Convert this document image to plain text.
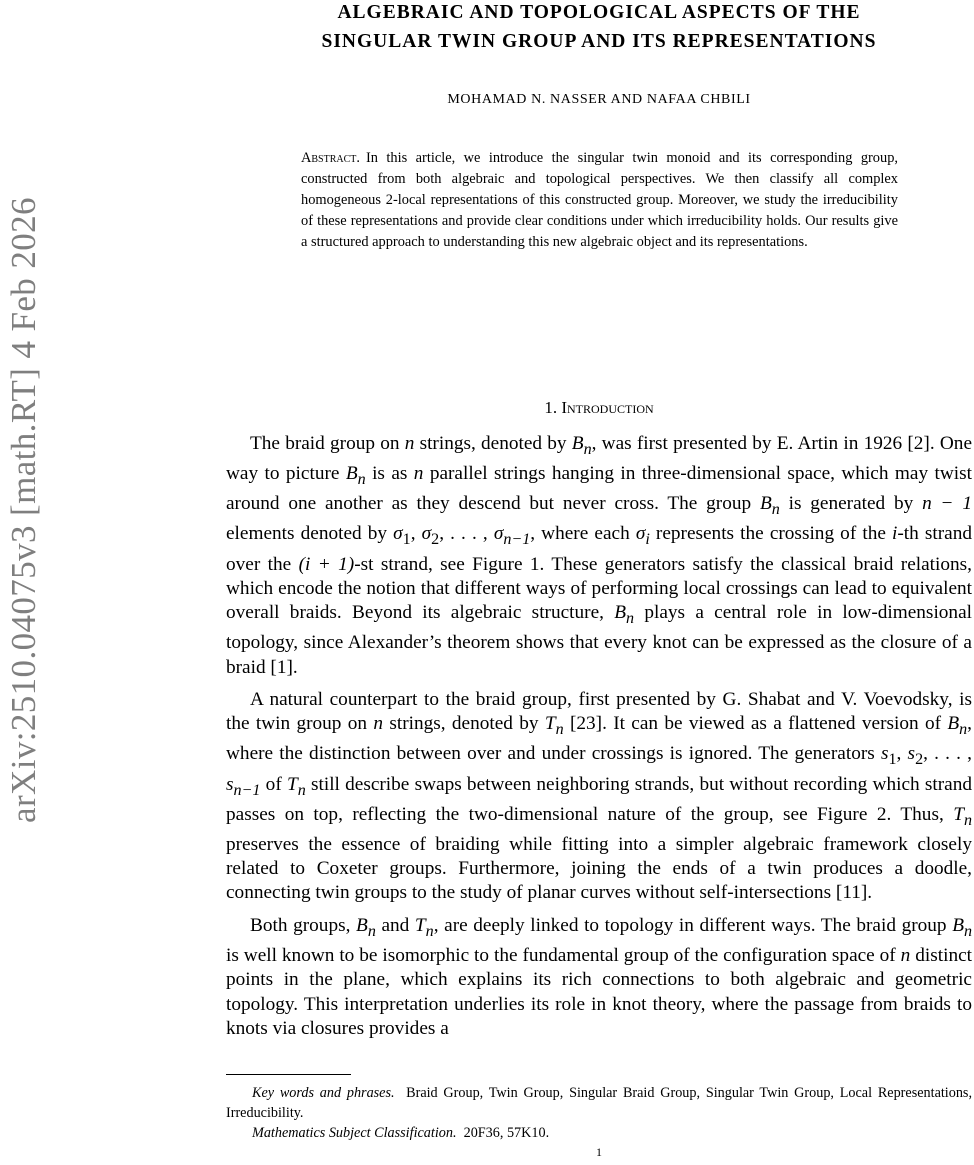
arXiv:2510.04075v3 [math.RT] 4 Feb 2026
ALGEBRAIC AND TOPOLOGICAL ASPECTS OF THE
SINGULAR TWIN GROUP AND ITS REPRESENTATIONS
MOHAMAD N. NASSER AND NAFAA CHBILI
Abstract. In this article, we introduce the singular twin monoid and its corresponding group, constructed from both algebraic and topological perspectives. We then classify all complex homogeneous 2-local representations of this constructed group. Moreover, we study the irreducibility of these representations and provide clear conditions under which irreducibility holds. Our results give a structured approach to understanding this new algebraic object and its representations.
1. Introduction

The braid group on n strings, denoted by $B_n$, was first presented by E. Artin in 1926 [2]. One way to picture $B_n$ is as n parallel strings hanging in three-dimensional space, which may twist around one another as they descend but never cross. The group $B_n$ is generated by n − 1 elements denoted by $\sigma_1$, $\sigma_2$, . . . , $\sigma_{n-1}$, where each $\sigma_i$ represents the crossing of the i-th strand over the (i + 1)-st strand, see Figure 1. These generators satisfy the classical braid relations, which encode the notion that different ways of performing local crossings can lead to equivalent overall braids. Beyond its algebraic structure, $B_n$ plays a central role in low-dimensional topology, since Alexander’s theorem shows that every knot can be expressed as the closure of a braid [1].

A natural counterpart to the braid group, first presented by G. Shabat and V. Voevodsky, is the twin group on n strings, denoted by $T_n$ [23]. It can be viewed as a flattened version of $B_n$, where the distinction between over and under crossings is ignored. The generators $s_1$, $s_2$, . . . , $s_{n-1}$ of $T_n$ still describe swaps between neighboring strands, but without recording which strand passes on top, reflecting the two-dimensional nature of the group, see Figure 2. Thus, $T_n$ preserves the essence of braiding while fitting into a simpler algebraic framework closely related to Coxeter groups. Furthermore, joining the ends of a twin produces a doodle, connecting twin groups to the study of planar curves without self-intersections [11].

Both groups, $B_n$ and $T_n$, are deeply linked to topology in different ways. The braid group $B_n$ is well known to be isomorphic to the fundamental group of the configuration space of n distinct points in the plane, which explains its rich connections to both algebraic and geometric topology. This interpretation underlies its role in knot theory, where the passage from braids to knots via closures provides a

Key words and phrases. Braid Group, Twin Group, Singular Braid Group, Singular Twin Group, Local Representations, Irreducibility.

Mathematics Subject Classification. 20F36, 57K10.

1
